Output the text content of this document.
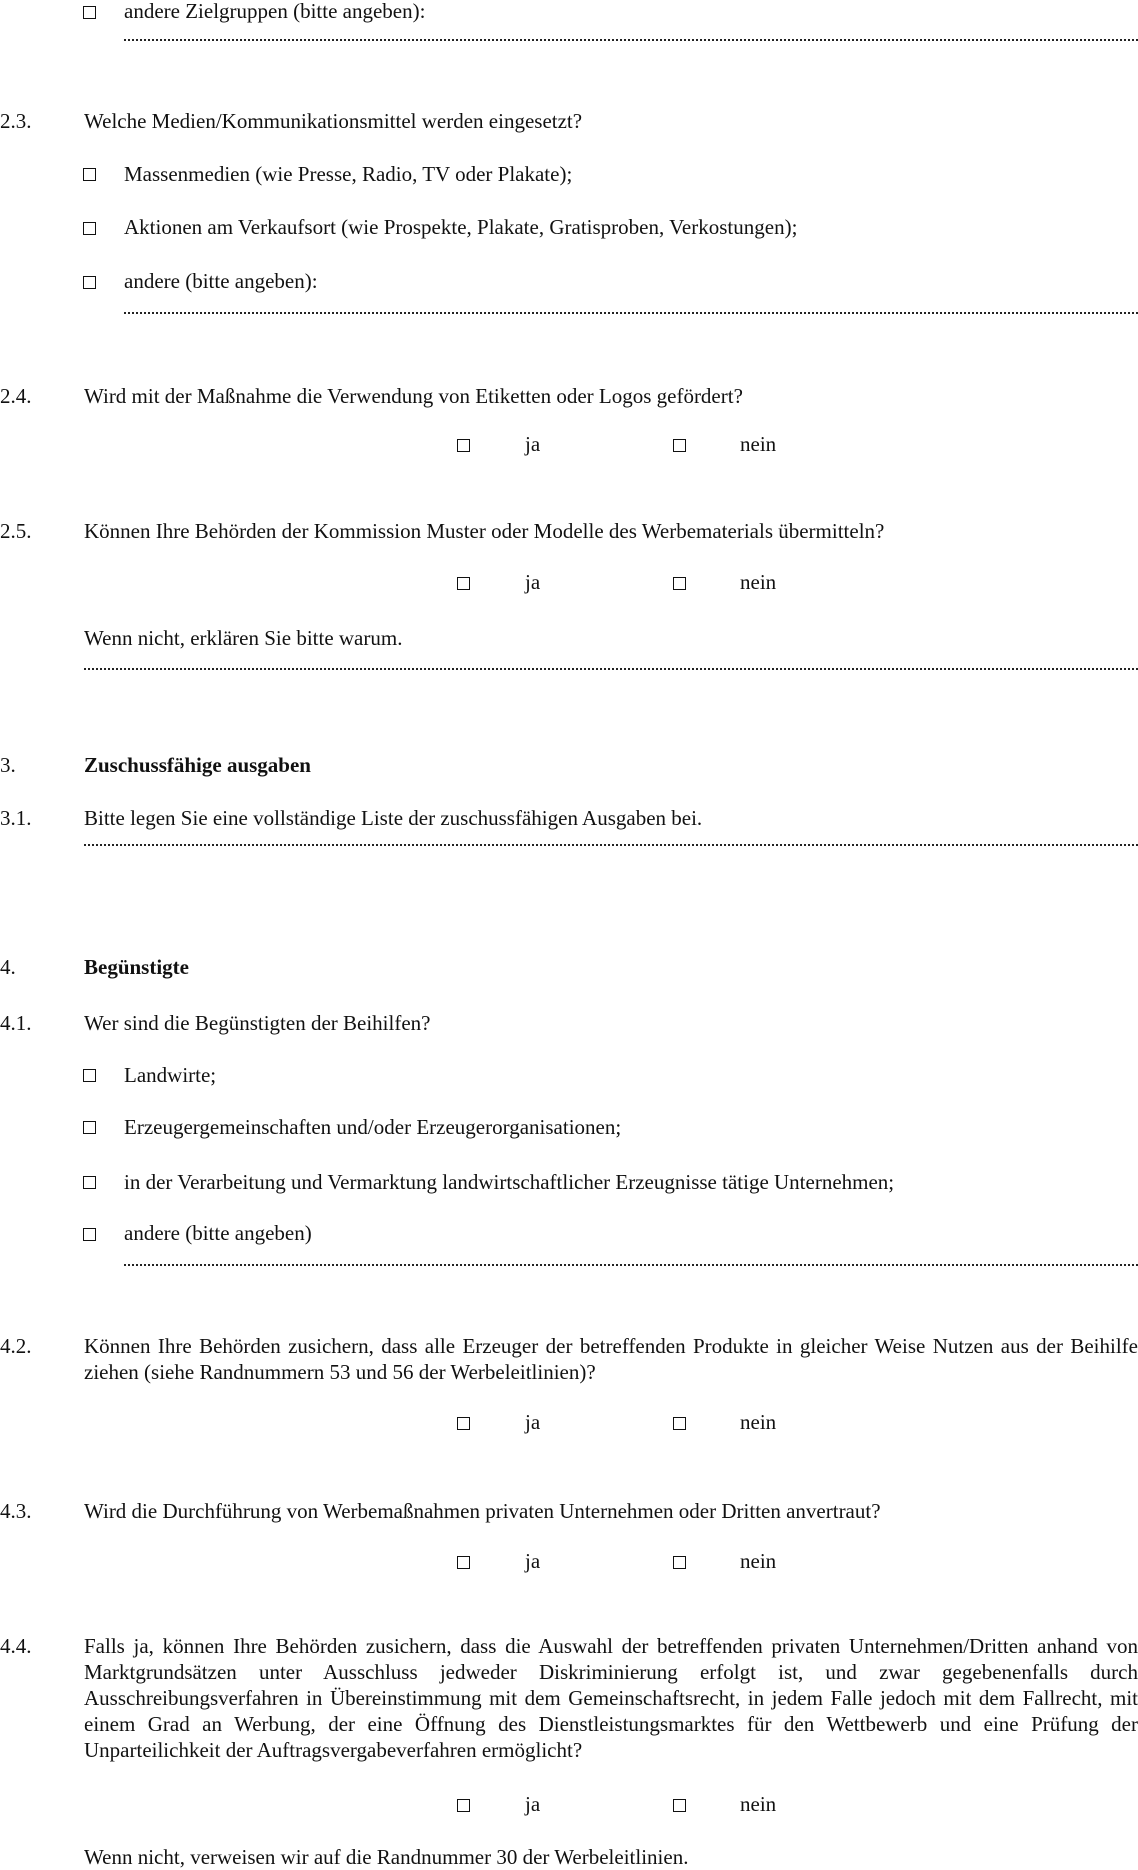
andere Zielgruppen (bitte angeben):
2.3.	Welche Medien/Kommunikationsmittel werden eingesetzt?
Massenmedien (wie Presse, Radio, TV oder Plakate);
Aktionen am Verkaufsort (wie Prospekte, Plakate, Gratisproben, Verkostungen);
andere (bitte angeben):
2.4.	Wird mit der Maßnahme die Verwendung von Etiketten oder Logos gefördert?
ja	nein
2.5.	Können Ihre Behörden der Kommission Muster oder Modelle des Werbematerials übermitteln?
ja	nein
Wenn nicht, erklären Sie bitte warum.
3.	Zuschussfähige ausgaben
3.1.	Bitte legen Sie eine vollständige Liste der zuschussfähigen Ausgaben bei.
4.	Begünstigte
4.1.	Wer sind die Begünstigten der Beihilfen?
Landwirte;
Erzeugergemeinschaften und/oder Erzeugerorganisationen;
in der Verarbeitung und Vermarktung landwirtschaftlicher Erzeugnisse tätige Unternehmen;
andere (bitte angeben)
4.2.	Können Ihre Behörden zusichern, dass alle Erzeuger der betreffenden Produkte in gleicher Weise Nutzen aus der Beihilfe ziehen (siehe Randnummern 53 und 56 der Werbeleitlinien)?
ja	nein
4.3.	Wird die Durchführung von Werbemaßnahmen privaten Unternehmen oder Dritten anvertraut?
ja	nein
4.4.	Falls ja, können Ihre Behörden zusichern, dass die Auswahl der betreffenden privaten Unternehmen/Dritten anhand von Marktgrundsätzen unter Ausschluss jedweder Diskriminierung erfolgt ist, und zwar gegebenenfalls durch Ausschreibungsverfahren in Übereinstimmung mit dem Gemeinschaftsrecht, in jedem Falle jedoch mit dem Fallrecht, mit einem Grad an Werbung, der eine Öffnung des Dienstleistungsmarktes für den Wettbewerb und eine Prüfung der Unparteilichkeit der Auftragsvergabeverfahren ermöglicht?
ja	nein
Wenn nicht, verweisen wir auf die Randnummer 30 der Werbeleitlinien.
